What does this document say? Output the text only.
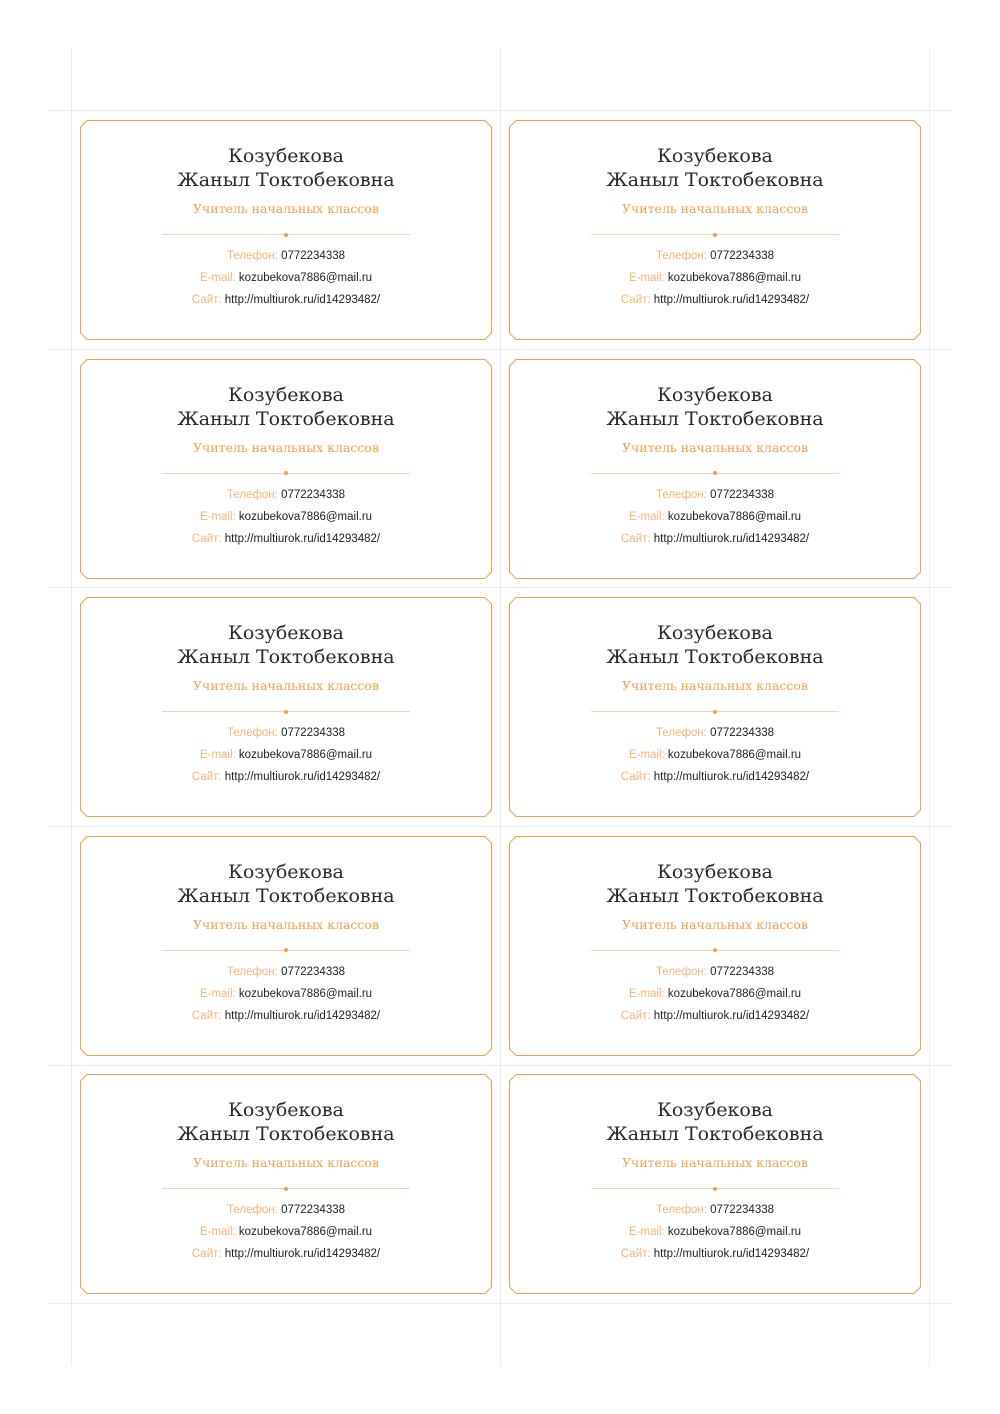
Козубекова
Жаныл Токтобековна
Учитель начальных классов
Телефон: 0772234338
E-mail: kozubekova7886@mail.ru
Сайт: http://multiurok.ru/id14293482/
Козубекова
Жаныл Токтобековна
Учитель начальных классов
Телефон: 0772234338
E-mail: kozubekova7886@mail.ru
Сайт: http://multiurok.ru/id14293482/
Козубекова
Жаныл Токтобековна
Учитель начальных классов
Телефон: 0772234338
E-mail: kozubekova7886@mail.ru
Сайт: http://multiurok.ru/id14293482/
Козубекова
Жаныл Токтобековна
Учитель начальных классов
Телефон: 0772234338
E-mail: kozubekova7886@mail.ru
Сайт: http://multiurok.ru/id14293482/
Козубекова
Жаныл Токтобековна
Учитель начальных классов
Телефон: 0772234338
E-mail: kozubekova7886@mail.ru
Сайт: http://multiurok.ru/id14293482/
Козубекова
Жаныл Токтобековна
Учитель начальных классов
Телефон: 0772234338
E-mail: kozubekova7886@mail.ru
Сайт: http://multiurok.ru/id14293482/
Козубекова
Жаныл Токтобековна
Учитель начальных классов
Телефон: 0772234338
E-mail: kozubekova7886@mail.ru
Сайт: http://multiurok.ru/id14293482/
Козубекова
Жаныл Токтобековна
Учитель начальных классов
Телефон: 0772234338
E-mail: kozubekova7886@mail.ru
Сайт: http://multiurok.ru/id14293482/
Козубекова
Жаныл Токтобековна
Учитель начальных классов
Телефон: 0772234338
E-mail: kozubekova7886@mail.ru
Сайт: http://multiurok.ru/id14293482/
Козубекова
Жаныл Токтобековна
Учитель начальных классов
Телефон: 0772234338
E-mail: kozubekova7886@mail.ru
Сайт: http://multiurok.ru/id14293482/
